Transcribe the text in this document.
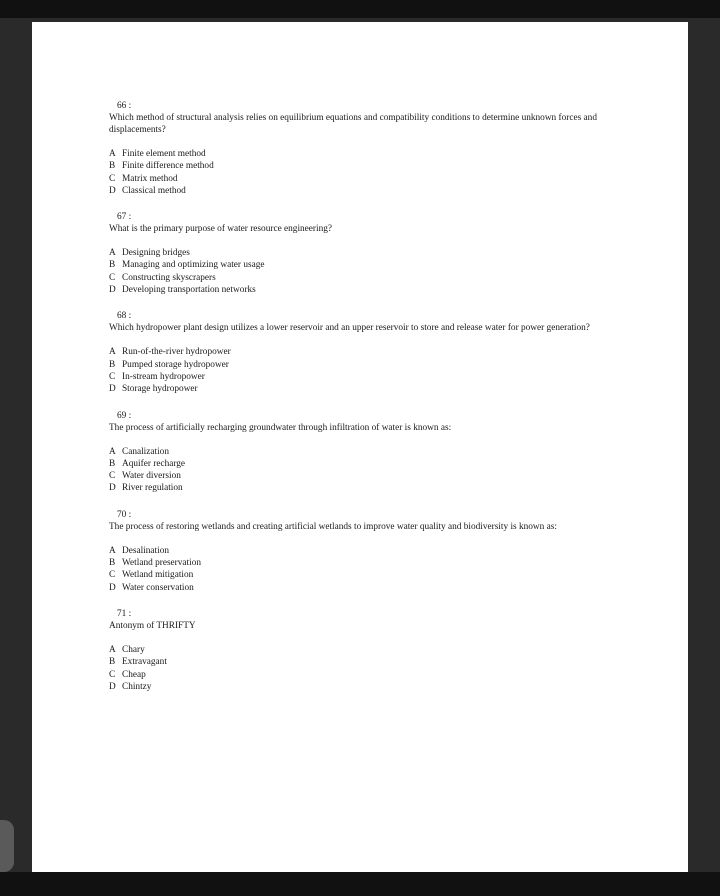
66 :
Which method of structural analysis relies on equilibrium equations and compatibility conditions to determine unknown forces and displacements?
A Finite element method
B Finite difference method
C Matrix method
D Classical method
67 :
What is the primary purpose of water resource engineering?
A Designing bridges
B Managing and optimizing water usage
C Constructing skyscrapers
D Developing transportation networks
68 :
Which hydropower plant design utilizes a lower reservoir and an upper reservoir to store and release water for power generation?
A Run-of-the-river hydropower
B Pumped storage hydropower
C In-stream hydropower
D Storage hydropower
69 :
The process of artificially recharging groundwater through infiltration of water is known as:
A Canalization
B Aquifer recharge
C Water diversion
D River regulation
70 :
The process of restoring wetlands and creating artificial wetlands to improve water quality and biodiversity is known as:
A Desalination
B Wetland preservation
C Wetland mitigation
D Water conservation
71 :
Antonym of THRIFTY
A Chary
B Extravagant
C Cheap
D Chintzy
